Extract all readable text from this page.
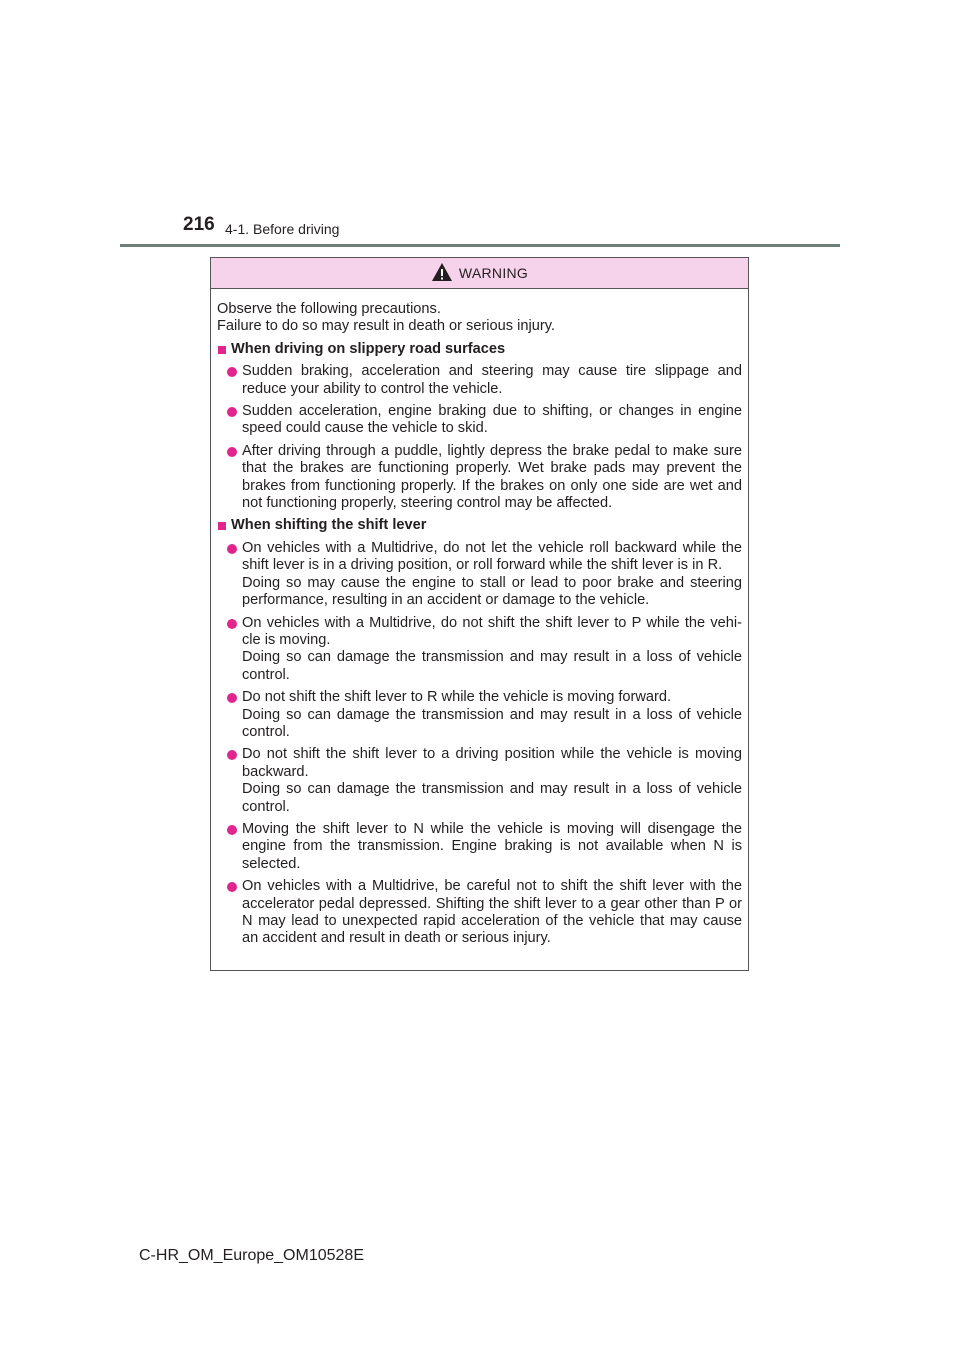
216 4-1. Before driving
WARNING
Observe the following precautions.
Failure to do so may result in death or serious injury.
When driving on slippery road surfaces
Sudden braking, acceleration and steering may cause tire slippage and reduce your ability to control the vehicle.
Sudden acceleration, engine braking due to shifting, or changes in engine speed could cause the vehicle to skid.
After driving through a puddle, lightly depress the brake pedal to make sure that the brakes are functioning properly. Wet brake pads may prevent the brakes from functioning properly. If the brakes on only one side are wet and not functioning properly, steering control may be affected.
When shifting the shift lever
On vehicles with a Multidrive, do not let the vehicle roll backward while the shift lever is in a driving position, or roll forward while the shift lever is in R.
Doing so may cause the engine to stall or lead to poor brake and steering performance, resulting in an accident or damage to the vehicle.
On vehicles with a Multidrive, do not shift the shift lever to P while the vehi-cle is moving.
Doing so can damage the transmission and may result in a loss of vehicle control.
Do not shift the shift lever to R while the vehicle is moving forward.
Doing so can damage the transmission and may result in a loss of vehicle control.
Do not shift the shift lever to a driving position while the vehicle is moving backward.
Doing so can damage the transmission and may result in a loss of vehicle control.
Moving the shift lever to N while the vehicle is moving will disengage the engine from the transmission. Engine braking is not available when N is selected.
On vehicles with a Multidrive, be careful not to shift the shift lever with the accelerator pedal depressed. Shifting the shift lever to a gear other than P or N may lead to unexpected rapid acceleration of the vehicle that may cause an accident and result in death or serious injury.
C-HR_OM_Europe_OM10528E
